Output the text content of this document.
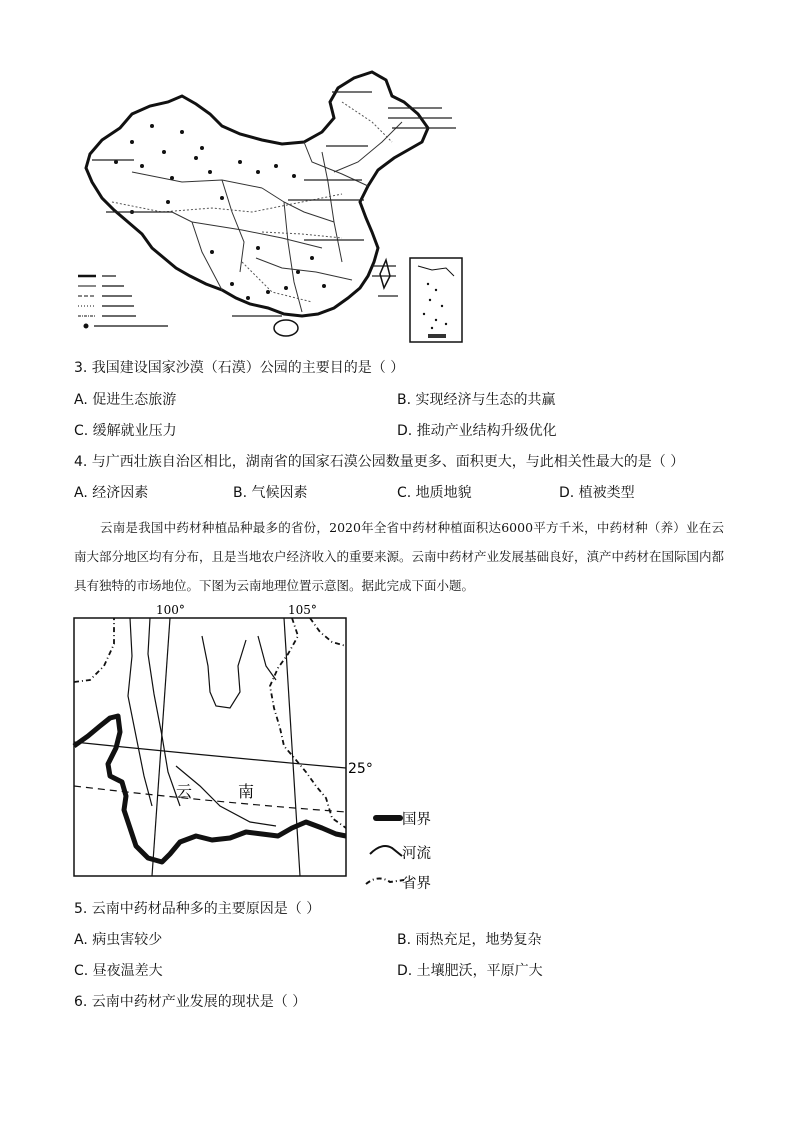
3. 我国建设国家沙漠（石漠）公园的主要目的是（ ）
A. 促进生态旅游	B. 实现经济与生态的共赢
C. 缓解就业压力	D. 推动产业结构升级优化
4. 与广西壮族自治区相比，湖南省的国家石漠公园数量更多、面积更大，与此相关性最大的是（ ）
A. 经济因素	B. 气候因素	C. 地质地貌	D. 植被类型
云南是我国中药材种植品种最多的省份，2020年全省中药材种植面积达6000平方千米，中药材种（养）业在云南大部分地区均有分布，且是当地农户经济收入的重要来源。云南中药材产业发展基础良好，滇产中药材在国际国内都具有独特的市场地位。下图为云南地理位置示意图。据此完成下面小题。
100°	105°
25°
云	南
国界
河流
省界
5. 云南中药材品种多的主要原因是（ ）
A. 病虫害较少	B. 雨热充足，地势复杂
C. 昼夜温差大	D. 土壤肥沃，平原广大
6. 云南中药材产业发展的现状是（ ）
